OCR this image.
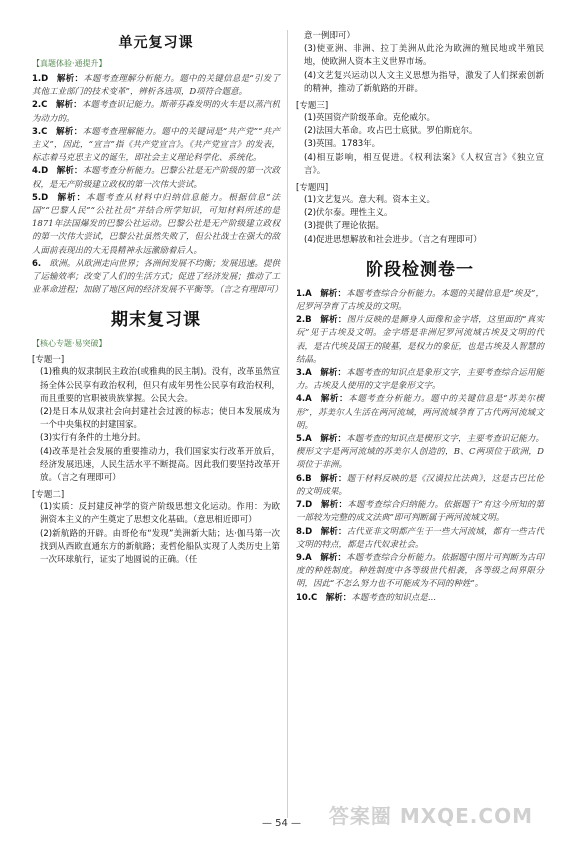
单元复习课
【真题体验·通提升】
1.D  解析：本题考查理解分析能力。题中的关键信息是“引发了其他工业部门的技术变革”，辨析各选项，D项符合题意。
2.C  解析：本题考查识记能力。斯蒂芬森发明的火车是以蒸汽机为动力的。
3.C  解析：本题考查理解能力。题中的关键词是“共产党”“共产主义”，因此，“宣言”指《共产党宣言》。《共产党宣言》的发表，标志着马克思主义的诞生，即社会主义理论科学化、系统化。
4.D  解析：本题考查分析能力。巴黎公社是无产阶级的第一次政权，是无产阶级建立政权的第一次伟大尝试。
5.D  解析：本题考查从材料中归纳信息能力。根据信息“法国”“巴黎人民”“公社社员”并结合所学知识，可知材料所述的是1871年法国爆发的巴黎公社运动。巴黎公社是无产阶级建立政权的第一次伟大尝试，巴黎公社虽然失败了，但公社战士在强大的敌人面前表现出的大无畏精神永远激励着后人。
6.  欧洲。从欧洲走向世界；各洲间发展不均衡；发展迅速。提供了运输效率；改变了人们的生活方式；促进了经济发展；推动了工业革命进程；加剧了地区间的经济发展不平衡等。（言之有理即可）
期末复习课
【核心专题·易突破】
[专题一]
(1)雅典的奴隶制民主政治(或雅典的民主制)。没有，改革虽然宣扬全体公民享有政治权利，但只有成年男性公民享有政治权利，而且重要的官职被贵族掌握。公民大会。
(2)是日本从奴隶社会向封建社会过渡的标志；使日本发展成为一个中央集权的封建国家。
(3)实行有条件的土地分封。
(4)改革是社会发展的重要推动力，我们国家实行改革开放后，经济发展迅速，人民生活水平不断提高。因此我们要坚持改革开放。（言之有理即可）
[专题二]
(1)实质：反封建反神学的资产阶级思想文化运动。作用：为欧洲资本主义的产生奠定了思想文化基础。（意思相近即可）
(2)新航路的开辟。由哥伦布“发现”美洲新大陆；达·伽马第一次找到从西欧直通东方的新航路；麦哲伦船队实现了人类历史上第一次环球航行，证实了地圆说的正确。（任
意一例即可）
(3)使亚洲、非洲、拉丁美洲从此沦为欧洲的殖民地或半殖民地，使欧洲人资本主义世界市场。
(4)文艺复兴运动以人文主义思想为指导，激发了人们探索创新的精神，推动了新航路的开辟。
[专题三]
(1)英国资产阶级革命。克伦威尔。
(2)法国大革命。攻占巴士底狱。罗伯斯庇尔。
(3)英国。1783年。
(4)相互影响，相互促进。《权利法案》《人权宣言》《独立宣言》。
[专题四]
(1)文艺复兴。意大利。资本主义。
(2)伏尔泰。理性主义。
(3)提供了理论依据。
(4)促进思想解放和社会进步。（言之有理即可）
阶段检测卷一
1.A  解析：本题考查综合分析能力。本题的关键信息是“埃及”，尼罗河孕育了古埃及的文明。
2.B  解析：图片反映的是狮身人面像和金字塔，这里面的“真实玩”见于古埃及文明。金字塔是非洲尼罗河流域古埃及文明的代表，是古代埃及国王的陵墓，是权力的象征，也是古埃及人智慧的结晶。
3.A  解析：本题考查的知识点是象形文字，主要考查综合运用能力。古埃及人使用的文字是象形文字。
4.A  解析：本题考查分析能力。题中的关键信息是“苏美尔楔形”，苏美尔人生活在两河流域，两河流域孕育了古代两河流域文明。
5.A  解析：本题考查的知识点是楔形文字，主要考查识记能力。楔形文字是两河流域的苏美尔人创造的，B、C两项位于欧洲，D项位于非洲。
6.B  解析：题干材料反映的是《汉谟拉比法典》，这是古巴比伦的文明成果。
7.D  解析：本题考查综合归纳能力。依据题干“有这今所知的第一部较为完整的成文法典”即可判断属于两河流域文明。
8.D  解析：古代亚非文明都产生于一些大河流域，都有一些古代文明的特点，都是古代奴隶社会。
9.A  解析：本题考查综合分析能力。依据题中图片可判断为古印度的种姓制度。种姓制度中各等级世代相袭，各等级之间界限分明，因此“不怎么努力也不可能成为不同的种姓”。
10.C  解析：本题考查的知识点是...
— 54 —	答案圈 MXQE.COM
